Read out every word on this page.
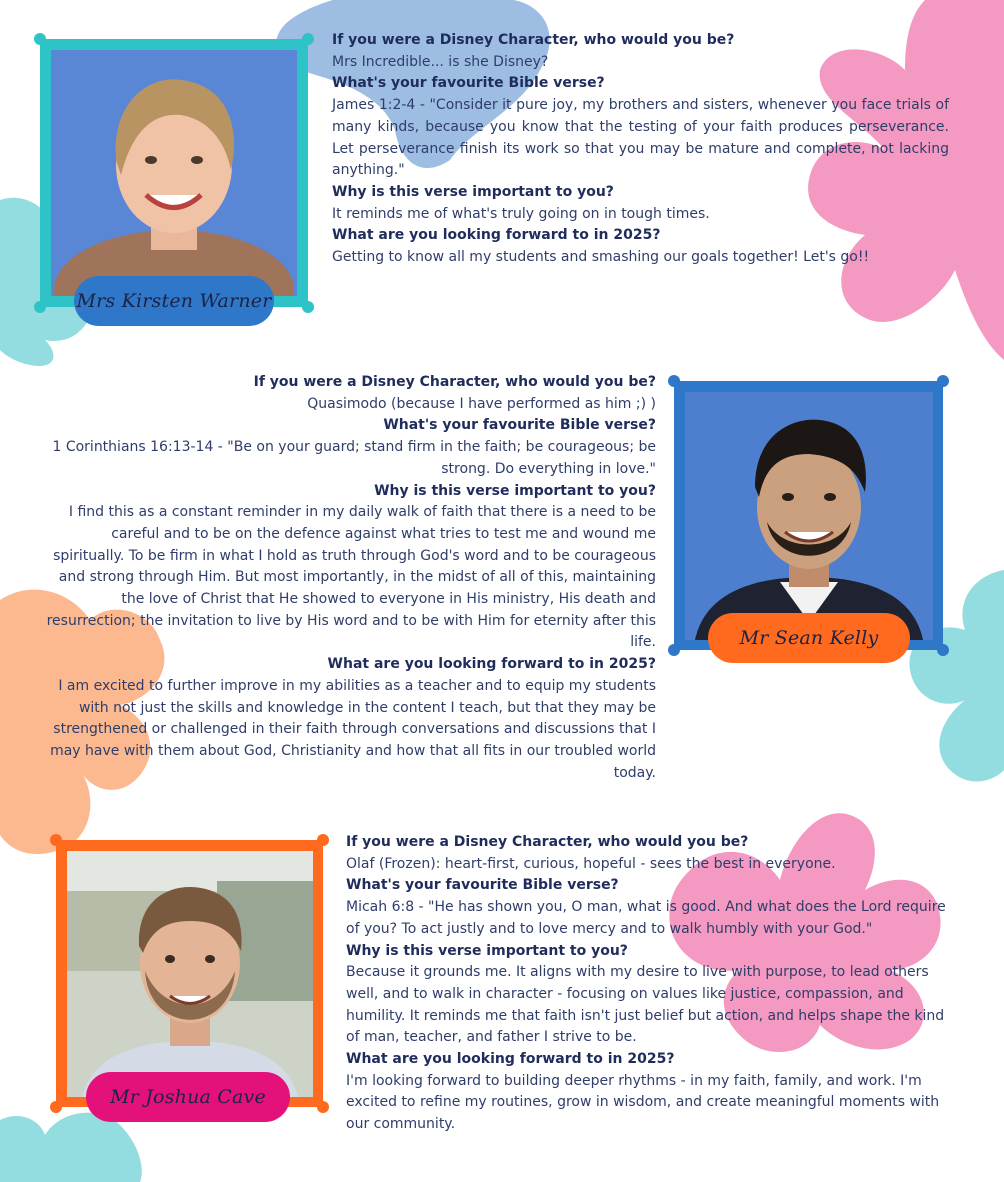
Mrs Kirsten Warner
If you were a Disney Character, who would you be?

Mrs Incredible... is she Disney?

What's your favourite Bible verse?

James 1:2-4 - "Consider it pure joy, my brothers and sisters, whenever you face trials of many kinds, because you know that the testing of your faith produces perseverance. Let perseverance finish its work so that you may be mature and complete, not lacking anything."

Why is this verse important to you?

It reminds me of what's truly going on in tough times.

What are you looking forward to in 2025?

Getting to know all my students and smashing our goals together! Let's go!!

If you were a Disney Character, who would you be?

Quasimodo (because I have performed as him ;) )

What's your favourite Bible verse?

1 Corinthians 16:13-14 - "Be on your guard; stand firm in the faith; be courageous; be strong. Do everything in love."

Why is this verse important to you?

I find this as a constant reminder in my daily walk of faith that there is a need to be careful and to be on the defence against what tries to test me and wound me spiritually. To be firm in what I hold as truth through God's word and to be courageous and strong through Him. But most importantly, in the midst of all of this, maintaining the love of Christ that He showed to everyone in His ministry, His death and resurrection; the invitation to live by His word and to be with Him for eternity after this life.

What are you looking forward to in 2025?

I am excited to further improve in my abilities as a teacher and to equip my students with not just the skills and knowledge in the content I teach, but that they may be strengthened or challenged in their faith through conversations and discussions that I may have with them about God, Christianity and how that all fits in our troubled world today.

Mr Sean Kelly
Mr Joshua Cave
If you were a Disney Character, who would you be?

Olaf (Frozen): heart-first, curious, hopeful - sees the best in everyone.

What's your favourite Bible verse?

Micah 6:8 - "He has shown you, O man, what is good. And what does the Lord require of you? To act justly and to love mercy and to walk humbly with your God."

Why is this verse important to you?

Because it grounds me. It aligns with my desire to live with purpose, to lead others well, and to walk in character - focusing on values like justice, compassion, and humility. It reminds me that faith isn't just belief but action, and helps shape the kind of man, teacher, and father I strive to be.

What are you looking forward to in 2025?

I'm looking forward to building deeper rhythms - in my faith, family, and work. I'm excited to refine my routines, grow in wisdom, and create meaningful moments with our community.
